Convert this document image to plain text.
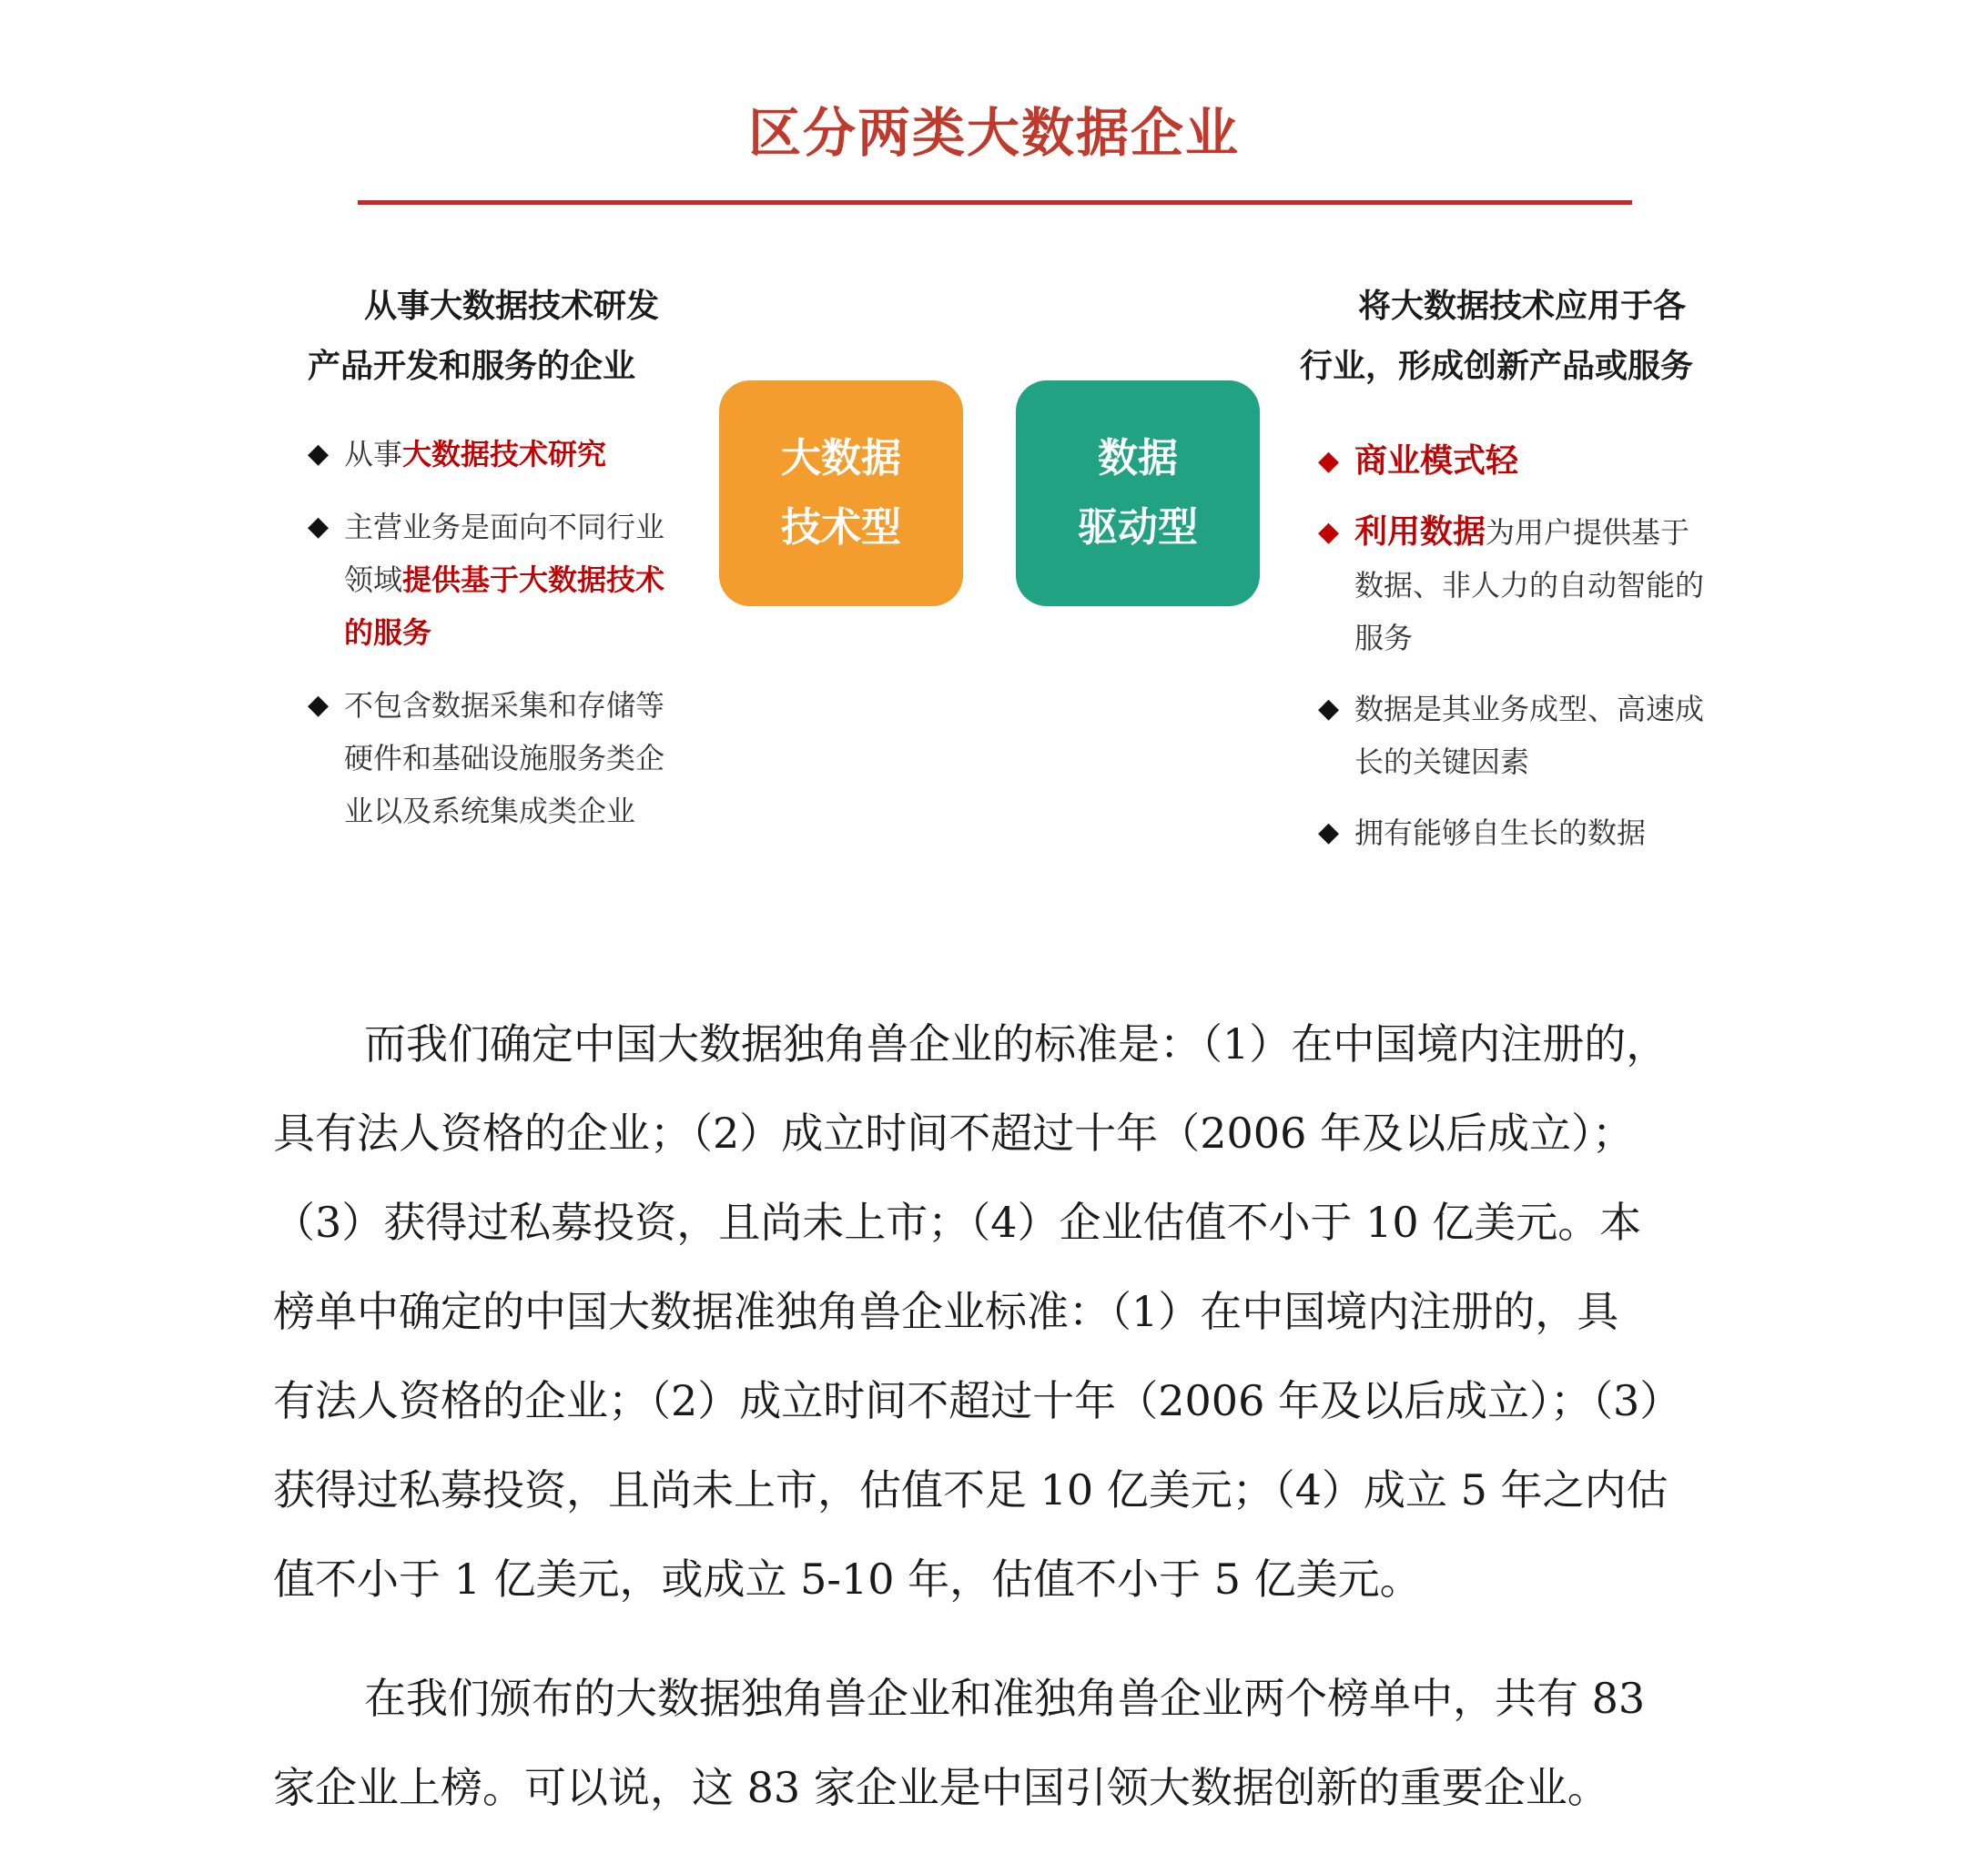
区分两类大数据企业
从事大数据技术研发
产品开发和服务的企业
◆ 从事大数据技术研究
◆ 主营业务是面向不同行业领域提供基于大数据技术的服务
◆ 不包含数据采集和存储等硬件和基础设施服务类企业以及系统集成类企业
大数据
技术型
数据
驱动型
将大数据技术应用于各
行业，形成创新产品或服务
◆ 商业模式轻
◆ 利用数据为用户提供基于数据、非人力的自动智能的服务
◆ 数据是其业务成型、高速成长的关键因素
◆ 拥有能够自生长的数据

而我们确定中国大数据独角兽企业的标准是：（1）在中国境内注册的，
具有法人资格的企业；（2）成立时间不超过十年（2006 年及以后成立）；
（3）获得过私募投资，且尚未上市；（4）企业估值不小于 10 亿美元。本
榜单中确定的中国大数据准独角兽企业标准：（1）在中国境内注册的，具
有法人资格的企业；（2）成立时间不超过十年（2006 年及以后成立）；（3）
获得过私募投资，且尚未上市，估值不足 10 亿美元；（4）成立 5 年之内估
值不小于 1 亿美元，或成立 5-10 年，估值不小于 5 亿美元。

在我们颁布的大数据独角兽企业和准独角兽企业两个榜单中，共有 83
家企业上榜。可以说，这 83 家企业是中国引领大数据创新的重要企业。
